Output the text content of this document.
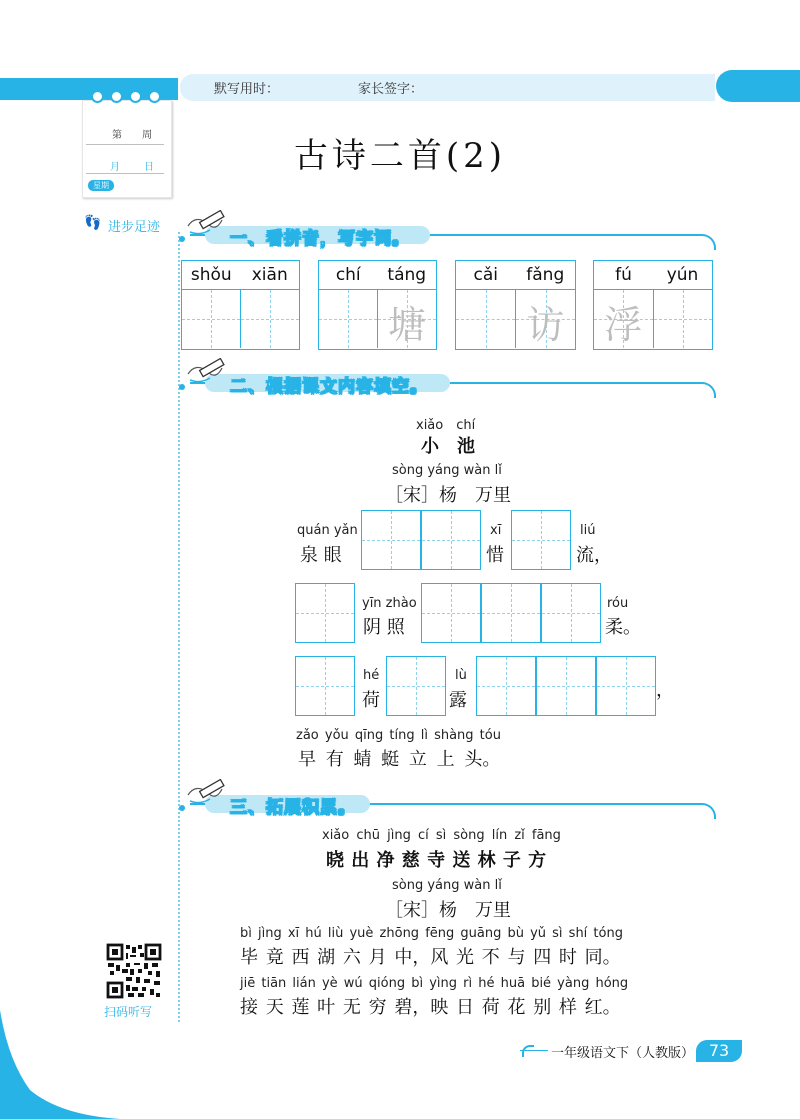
默写用时：	家长签字：
第　　周
月 日
星期
👣 进步足迹
古诗二首(2)
一、看拼音，写字词。
shǒu	xiān	chí	táng
塘
cǎi	fǎng
访
fú	yún
浮
二、根据课文内容填空。
xiǎo　chí
小　池
sòng yáng wàn lǐ
［宋］杨　万里
quán yǎn
泉 眼
xī
惜
liú
流，
yīn zhào
阴 照
róu
柔。
hé
荷
lù
露	，
zǎo yǒu qīng tíng lì shàng tóu
早 有 蜻 蜓 立 上 头。
三、拓展积累。
xiǎo chū jìng cí sì sòng lín zǐ fāng
晓 出 净 慈 寺 送 林 子 方
sòng yáng wàn lǐ
［宋］杨　万里
bì jìng xī hú liù yuè zhōng fēng guāng bù yǔ sì shí tóng
毕 竟 西 湖 六 月 中，风 光 不 与 四 时 同。
jiē tiān lián yè wú qióng bì yìng rì hé huā bié yàng hóng
接 天 莲 叶 无 穷 碧，映 日 荷 花 别 样 红。
扫码听写
一年级语文下（人教版） 73
